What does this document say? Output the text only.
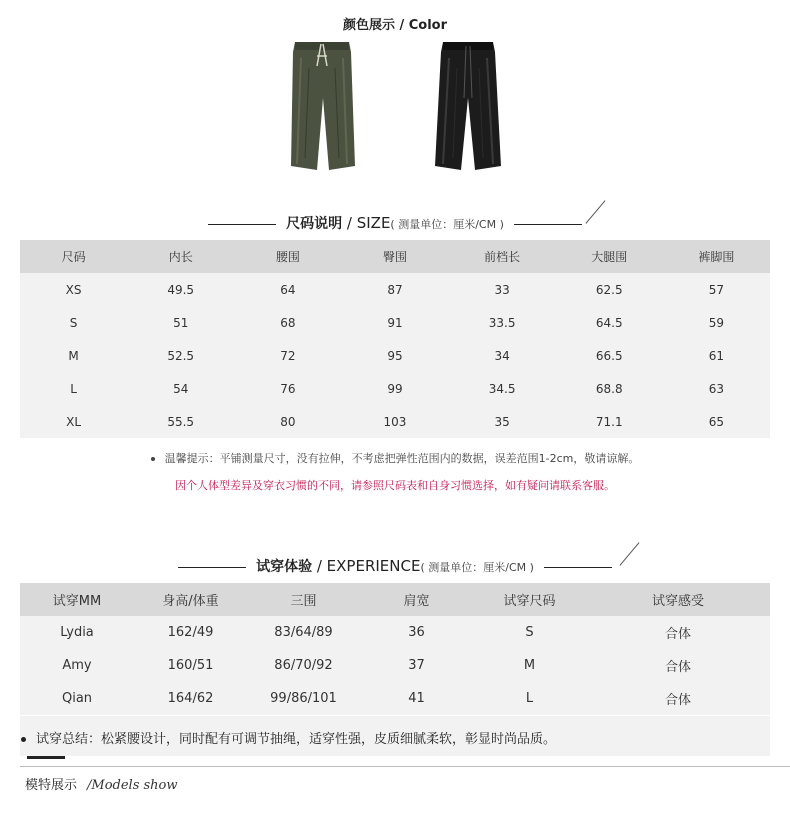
颜色展示 / Color
尺码说明 / SIZE( 测量单位：厘米/CM )
尺码	内长	腰围	臀围	前档长	大腿围	裤脚围
XS	49.5	64	87	33	62.5	57
S	51	68	91	33.5	64.5	59
M	52.5	72	95	34	66.5	61
L	54	76	99	34.5	68.8	63
XL	55.5	80	103	35	71.1	65
温馨提示：平铺测量尺寸，没有拉伸，不考虑把弹性范围内的数据，误差范围1-2cm，敬请谅解。
因个人体型差异及穿衣习惯的不同，请参照尺码表和自身习惯选择，如有疑问请联系客服。
试穿体验 / EXPERIENCE( 测量单位：厘米/CM )
试穿MM	身高/体重	三围	肩宽	试穿尺码	试穿感受
Lydia	162/49	83/64/89	36	S	合体
Amy	160/51	86/70/92	37	M	合体
Qian	164/62	99/86/101	41	L	合体
试穿总结：松紧腰设计，同时配有可调节抽绳，适穿性强，皮质细腻柔软，彰显时尚品质。
模特展示 /Models show
